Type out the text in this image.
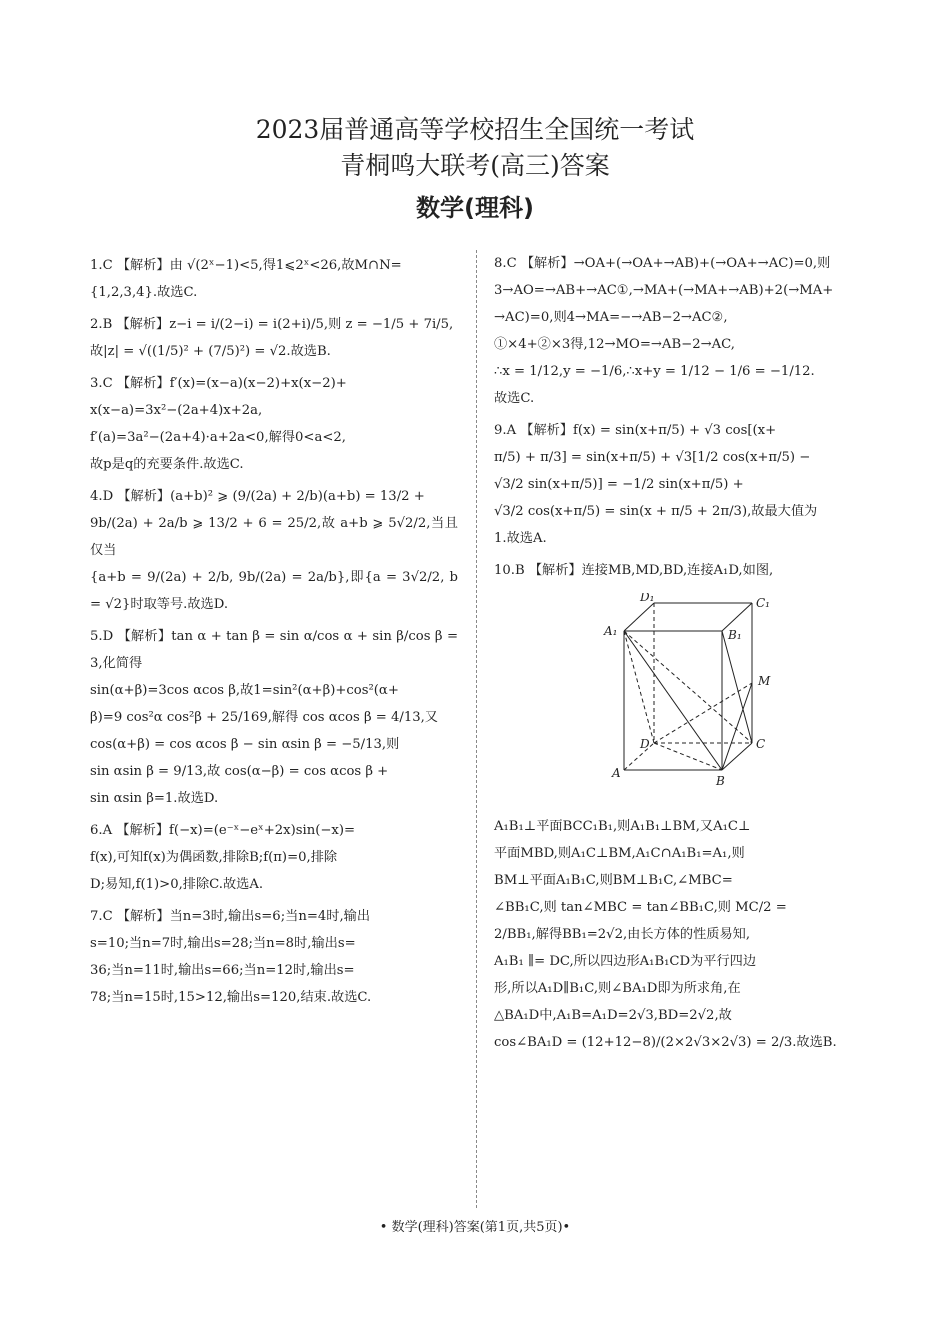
2023届普通高等学校招生全国统一考试
青桐鸣大联考(高三)答案
数学(理科)
1.C 【解析】由 √(2ˣ−1)<5,得1⩽2ˣ<26,故M∩N=
{1,2,3,4}.故选C.
2.B 【解析】z−i = i/(2−i) = i(2+i)/5,则 z = −1/5 + 7i/5,
故|z| = √((1/5)² + (7/5)²) = √2.故选B.
3.C 【解析】f′(x)=(x−a)(x−2)+x(x−2)+
x(x−a)=3x²−(2a+4)x+2a,
f′(a)=3a²−(2a+4)·a+2a<0,解得0<a<2,
故p是q的充要条件.故选C.
4.D 【解析】(a+b)² ⩾ (9/(2a) + 2/b)(a+b) = 13/2 +
9b/(2a) + 2a/b ⩾ 13/2 + 6 = 25/2,故 a+b ⩾ 5√2/2,当且仅当
{a+b = 9/(2a) + 2/b, 9b/(2a) = 2a/b},即{a = 3√2/2, b = √2}时取等号.故选D.
5.D 【解析】tan α + tan β = sin α/cos α + sin β/cos β = 3,化简得
sin(α+β)=3cos αcos β,故1=sin²(α+β)+cos²(α+
β)=9 cos²α cos²β + 25/169,解得 cos αcos β = 4/13,又
cos(α+β) = cos αcos β − sin αsin β = −5/13,则
sin αsin β = 9/13,故 cos(α−β) = cos αcos β +
sin αsin β=1.故选D.
6.A 【解析】f(−x)=(e⁻ˣ−eˣ+2x)sin(−x)=
f(x),可知f(x)为偶函数,排除B;f(π)=0,排除
D;易知,f(1)>0,排除C.故选A.
7.C 【解析】当n=3时,输出s=6;当n=4时,输出
s=10;当n=7时,输出s=28;当n=8时,输出s=
36;当n=11时,输出s=66;当n=12时,输出s=
78;当n=15时,15>12,输出s=120,结束.故选C.
8.C 【解析】→OA+(→OA+→AB)+(→OA+→AC)=0,则
3→AO=→AB+→AC①,→MA+(→MA+→AB)+2(→MA+
→AC)=0,则4→MA=−→AB−2→AC②,
①×4+②×3得,12→MO=→AB−2→AC,
∴x = 1/12,y = −1/6,∴x+y = 1/12 − 1/6 = −1/12.
故选C.
9.A 【解析】f(x) = sin(x+π/5) + √3 cos[(x+
π/5) + π/3] = sin(x+π/5) + √3[1/2 cos(x+π/5) −
√3/2 sin(x+π/5)] = −1/2 sin(x+π/5) +
√3/2 cos(x+π/5) = sin(x + π/5 + 2π/3),故最大值为
1.故选A.
10.B 【解析】连接MB,MD,BD,连接A₁D,如图,
D₁	C₁
A₁	B₁
M
D	C
A
B
A₁B₁⊥平面BCC₁B₁,则A₁B₁⊥BM,又A₁C⊥
平面MBD,则A₁C⊥BM,A₁C∩A₁B₁=A₁,则
BM⊥平面A₁B₁C,则BM⊥B₁C,∠MBC=
∠BB₁C,则 tan∠MBC = tan∠BB₁C,则 MC/2 =
2/BB₁,解得BB₁=2√2,由长方体的性质易知,
A₁B₁ ∥= DC,所以四边形A₁B₁CD为平行四边
形,所以A₁D∥B₁C,则∠BA₁D即为所求角,在
△BA₁D中,A₁B=A₁D=2√3,BD=2√2,故
cos∠BA₁D = (12+12−8)/(2×2√3×2√3) = 2/3.故选B.
• 数学(理科)答案(第1页,共5页)•
